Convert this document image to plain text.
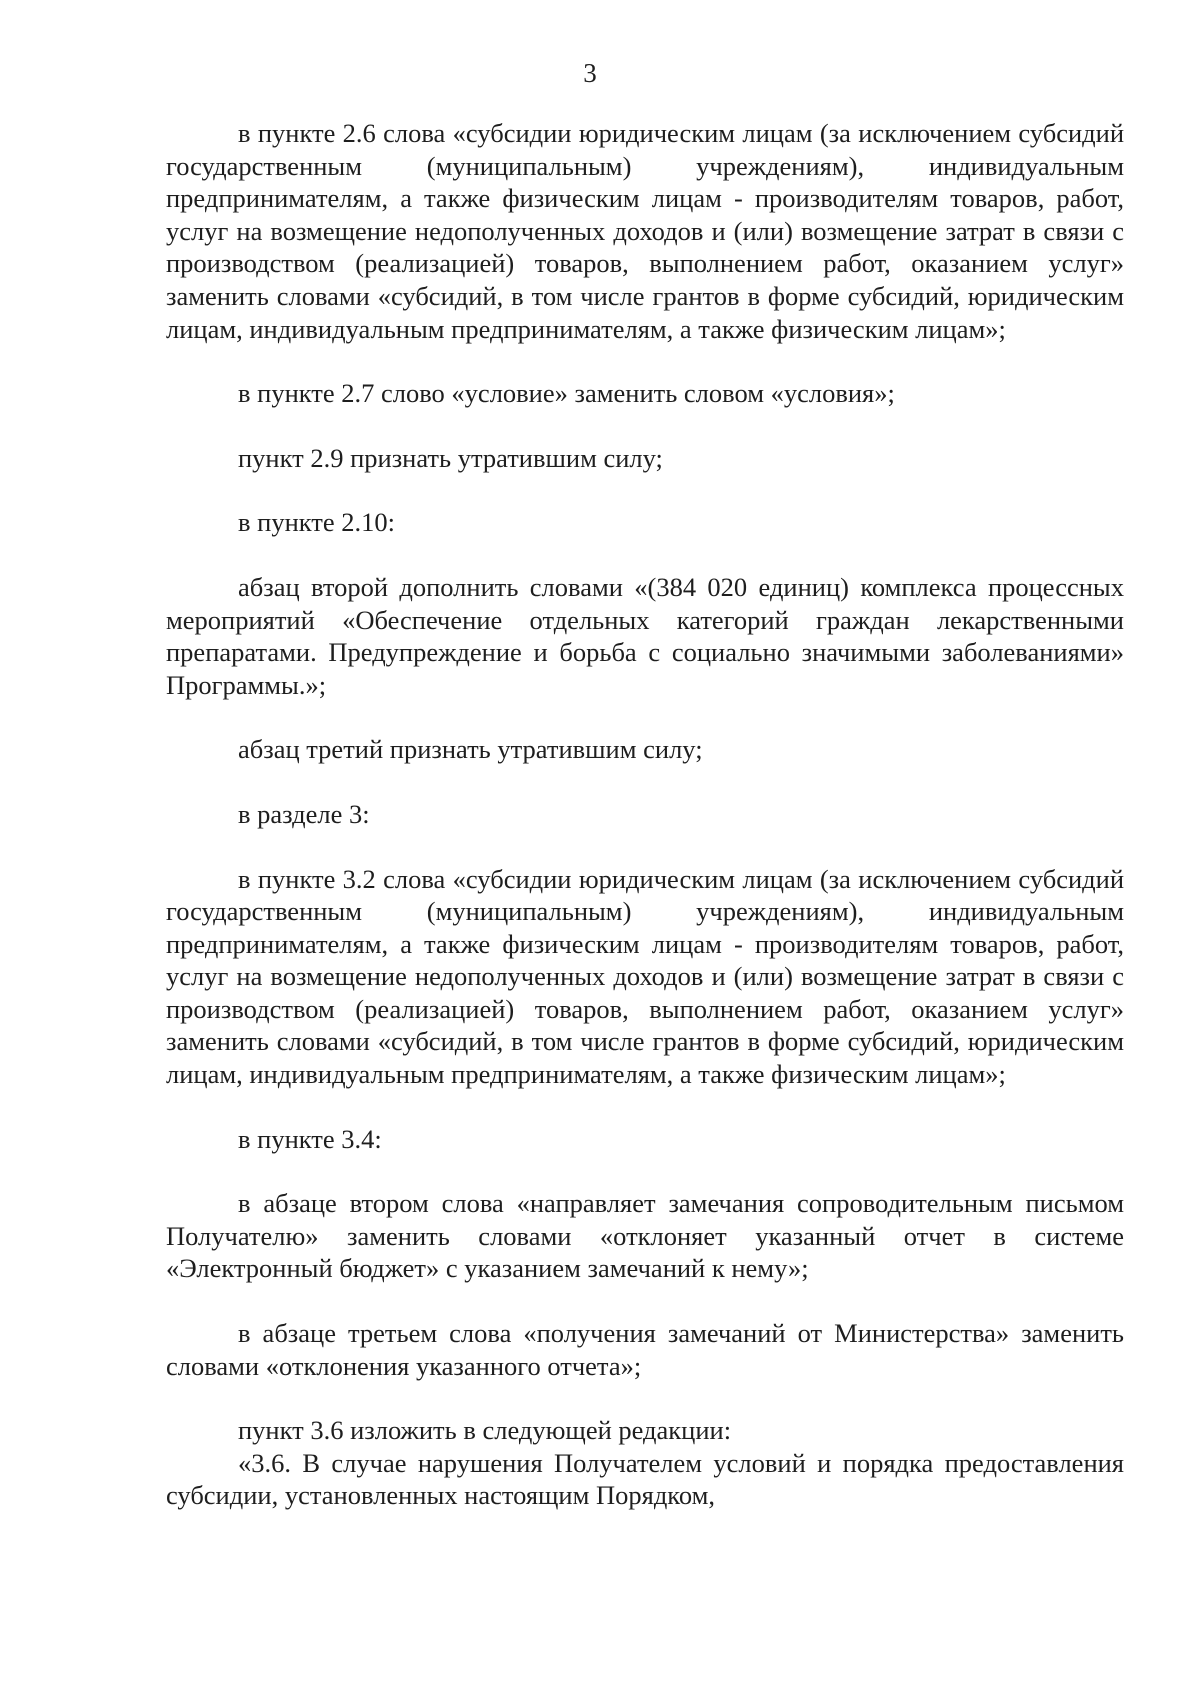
3

в пункте 2.6 слова «субсидии юридическим лицам (за исключением субсидий государственным (муниципальным) учреждениям), индивидуальным предпринимателям, а также физическим лицам - производителям товаров, работ, услуг на возмещение недополученных доходов и (или) возмещение затрат в связи с производством (реализацией) товаров, выполнением работ, оказанием услуг» заменить словами «субсидий, в том числе грантов в форме субсидий, юридическим лицам, индивидуальным предпринимателям, а также физическим лицам»;

в пункте 2.7 слово «условие» заменить словом «условия»;

пункт 2.9 признать утратившим силу;

в пункте 2.10:

абзац второй дополнить словами «(384 020 единиц) комплекса процессных мероприятий «Обеспечение отдельных категорий граждан лекарственными препаратами. Предупреждение и борьба с социально значимыми заболеваниями» Программы.»;

абзац третий признать утратившим силу;

в разделе 3:

в пункте 3.2 слова «субсидии юридическим лицам (за исключением субсидий государственным (муниципальным) учреждениям), индивидуальным предпринимателям, а также физическим лицам - производителям товаров, работ, услуг на возмещение недополученных доходов и (или) возмещение затрат в связи с производством (реализацией) товаров, выполнением работ, оказанием услуг» заменить словами «субсидий, в том числе грантов в форме субсидий, юридическим лицам, индивидуальным предпринимателям, а также физическим лицам»;

в пункте 3.4:

в абзаце втором слова «направляет замечания сопроводительным письмом Получателю» заменить словами «отклоняет указанный отчет в системе «Электронный бюджет» с указанием замечаний к нему»;

в абзаце третьем слова «получения замечаний от Министерства» заменить словами «отклонения указанного отчета»;

пункт 3.6 изложить в следующей редакции:

«3.6. В случае нарушения Получателем условий и порядка предоставления субсидии, установленных настоящим Порядком,
